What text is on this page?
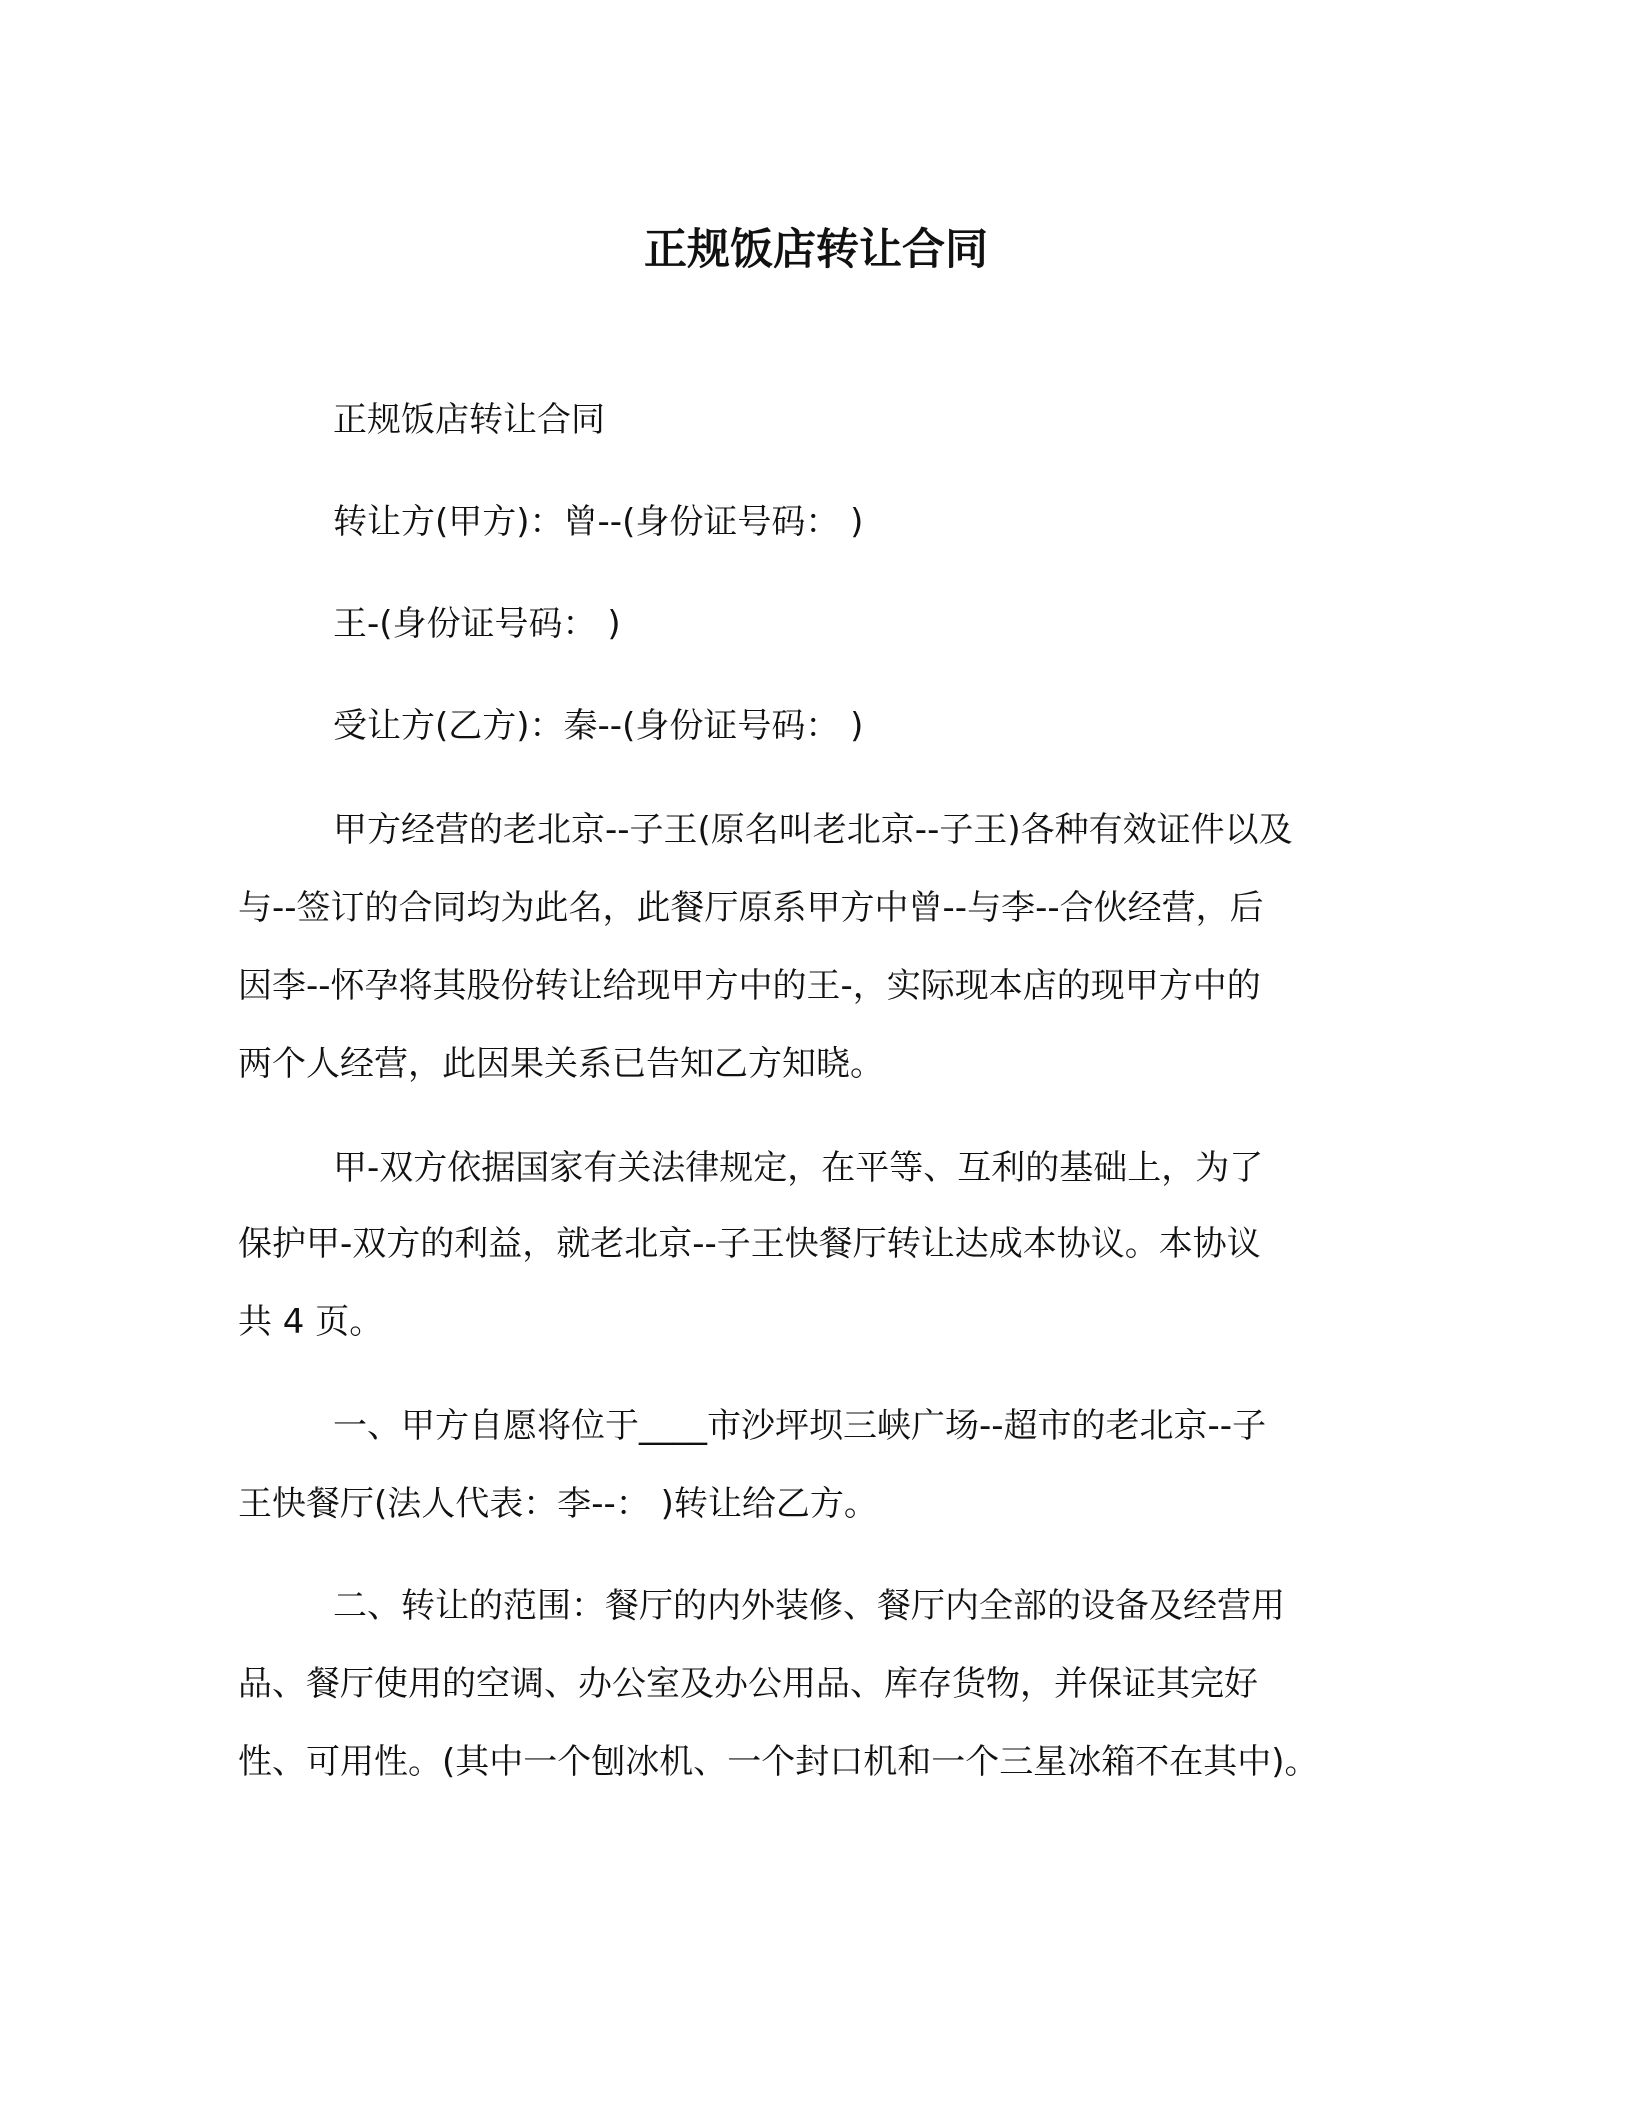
正规饭店转让合同

正规饭店转让合同

转让方(甲方)：曾--(身份证号码： )

王-(身份证号码： )

受让方(乙方)：秦--(身份证号码： )

甲方经营的老北京--子王(原名叫老北京--子王)各种有效证件以及

与--签订的合同均为此名，此餐厅原系甲方中曾--与李--合伙经营，后

因李--怀孕将其股份转让给现甲方中的王-，实际现本店的现甲方中的

两个人经营，此因果关系已告知乙方知晓。

甲-双方依据国家有关法律规定，在平等、互利的基础上，为了

保护甲-双方的利益，就老北京--子王快餐厅转让达成本协议。本协议

共 4 页。

一、甲方自愿将位于____市沙坪坝三峡广场--超市的老北京--子

王快餐厅(法人代表：李--： )转让给乙方。

二、转让的范围：餐厅的内外装修、餐厅内全部的设备及经营用

品、餐厅使用的空调、办公室及办公用品、库存货物，并保证其完好

性、可用性。(其中一个刨冰机、一个封口机和一个三星冰箱不在其中)。
